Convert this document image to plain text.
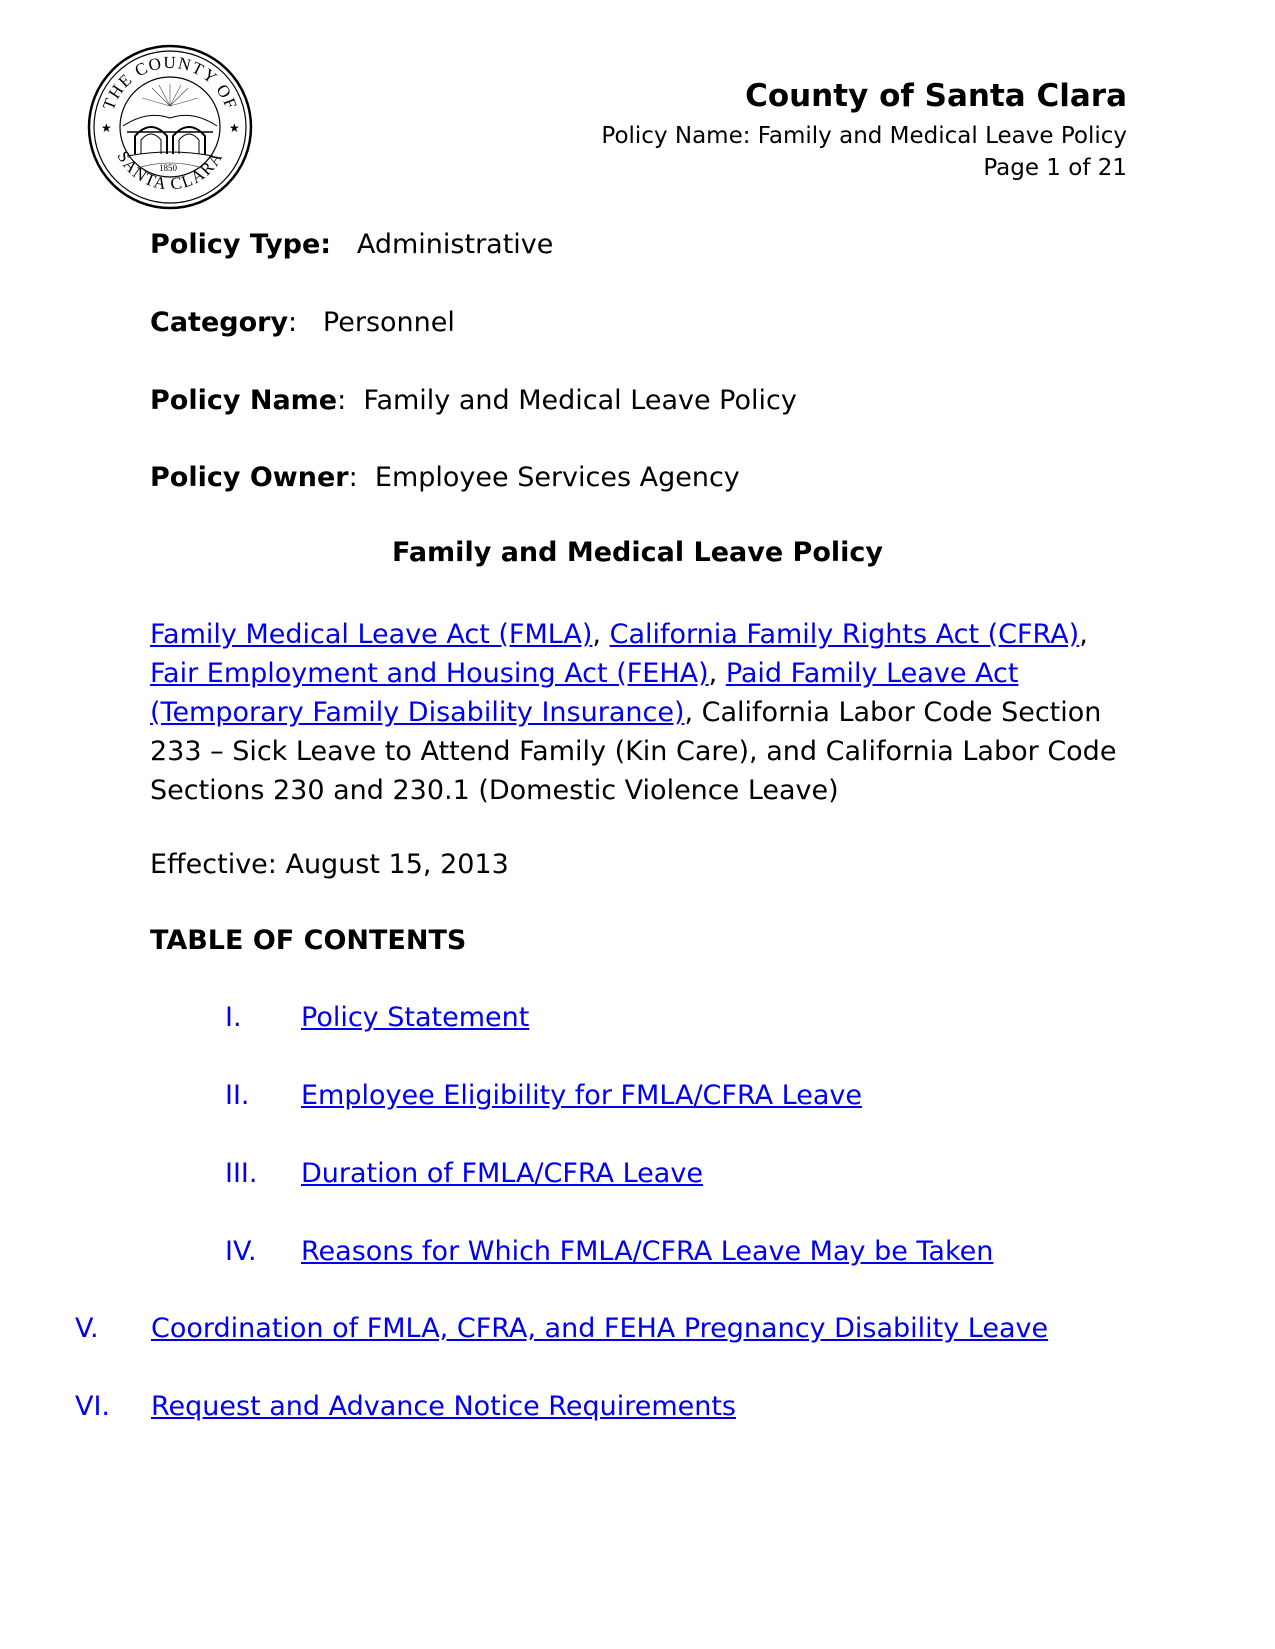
THE COUNTY OF
SANTA CLARA
★	★
1850
County of Santa Clara
Policy Name: Family and Medical Leave Policy
Page 1 of 21
Policy Type: Administrative
Category: Personnel
Policy Name: Family and Medical Leave Policy
Policy Owner: Employee Services Agency
Family and Medical Leave Policy
Family Medical Leave Act (FMLA), California Family Rights Act (CFRA), Fair Employment and Housing Act (FEHA), Paid Family Leave Act (Temporary Family Disability Insurance), California Labor Code Section 233 – Sick Leave to Attend Family (Kin Care), and California Labor Code Sections 230 and 230.1 (Domestic Violence Leave)
Effective: August 15, 2013
TABLE OF CONTENTS
I. Policy Statement
II. Employee Eligibility for FMLA/CFRA Leave
III. Duration of FMLA/CFRA Leave
IV. Reasons for Which FMLA/CFRA Leave May be Taken
V. Coordination of FMLA, CFRA, and FEHA Pregnancy Disability Leave
VI. Request and Advance Notice Requirements
